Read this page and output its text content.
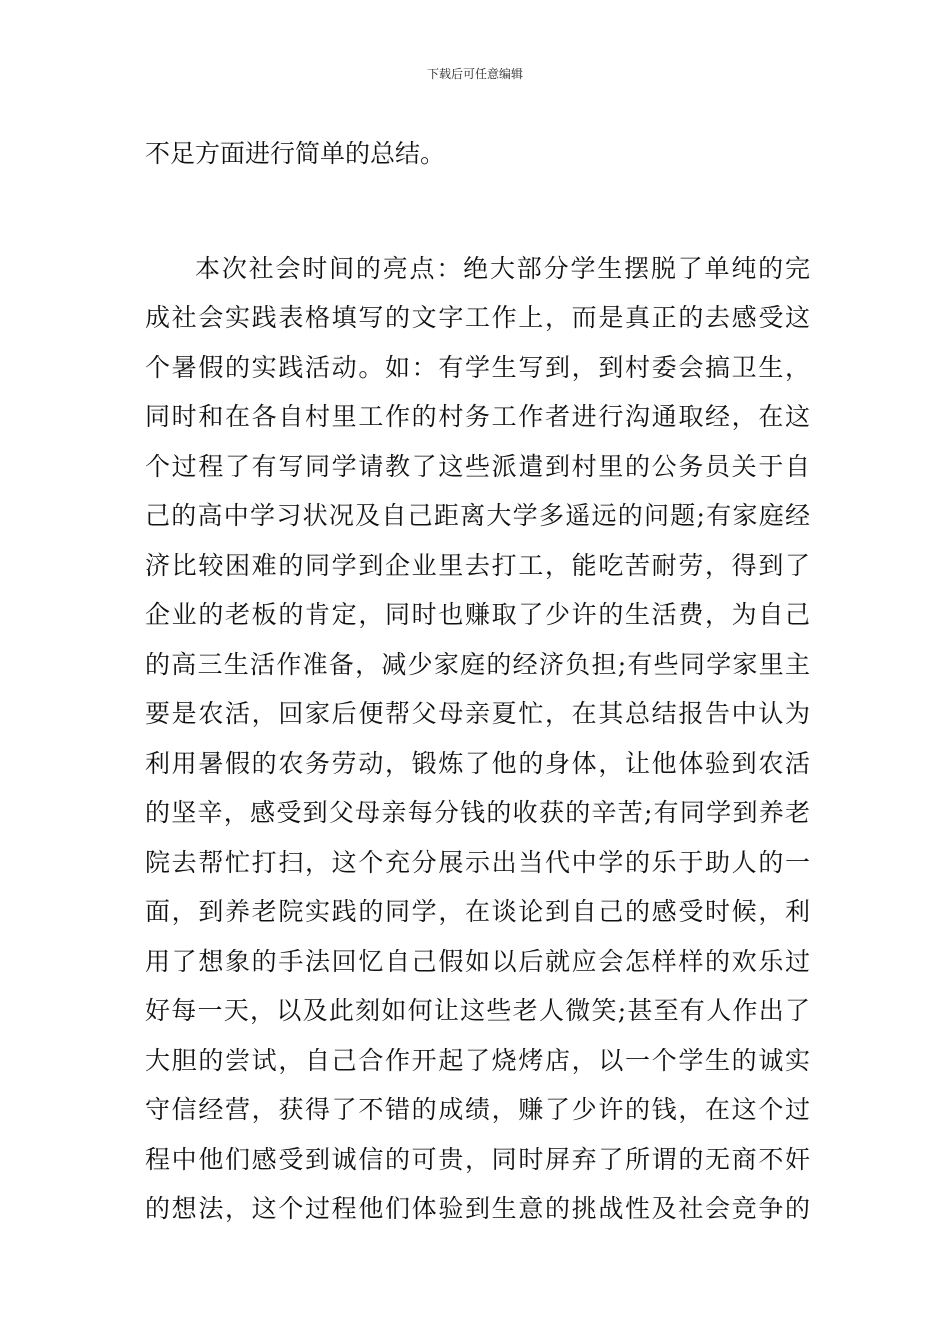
下载后可任意编辑
不足方面进行简单的总结。
本次社会时间的亮点：绝大部分学生摆脱了单纯的完
成社会实践表格填写的文字工作上，而是真正的去感受这
个暑假的实践活动。如：有学生写到，到村委会搞卫生，
同时和在各自村里工作的村务工作者进行沟通取经，在这
个过程了有写同学请教了这些派遣到村里的公务员关于自
己的高中学习状况及自己距离大学多遥远的问题;有家庭经
济比较困难的同学到企业里去打工，能吃苦耐劳，得到了
企业的老板的肯定，同时也赚取了少许的生活费，为自己
的高三生活作准备，减少家庭的经济负担;有些同学家里主
要是农活，回家后便帮父母亲夏忙，在其总结报告中认为
利用暑假的农务劳动，锻炼了他的身体，让他体验到农活
的坚辛，感受到父母亲每分钱的收获的辛苦;有同学到养老
院去帮忙打扫，这个充分展示出当代中学的乐于助人的一
面，到养老院实践的同学，在谈论到自己的感受时候，利
用了想象的手法回忆自己假如以后就应会怎样样的欢乐过
好每一天，以及此刻如何让这些老人微笑;甚至有人作出了
大胆的尝试，自己合作开起了烧烤店，以一个学生的诚实
守信经营，获得了不错的成绩，赚了少许的钱，在这个过
程中他们感受到诚信的可贵，同时屏弃了所谓的无商不奸
的想法，这个过程他们体验到生意的挑战性及社会竞争的
